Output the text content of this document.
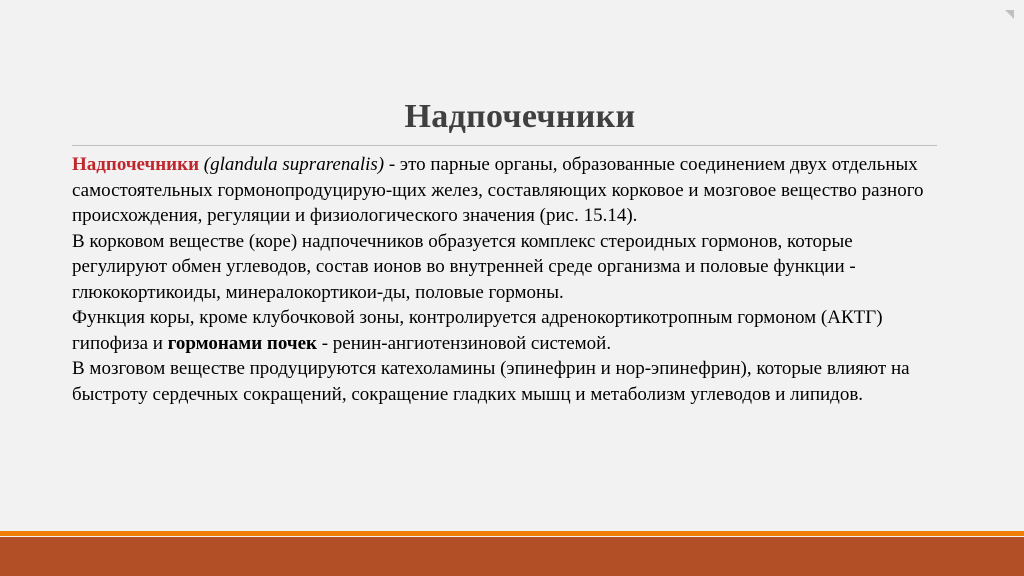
Надпочечники

Надпочечники (glandula suprarenalis) - это парные органы, образованные соединением двух отдельных самостоятельных гормонопродуцирую-щих желез, составляющих корковое и мозговое вещество разного происхождения, регуляции и физиологического значения (рис. 15.14).

В корковом веществе (коре) надпочечников образуется комплекс стероидных гормонов, которые регулируют обмен углеводов, состав ионов во внутренней среде организма и половые функции - глюкокортикоиды, минералокортикои-ды, половые гормоны.

Функция коры, кроме клубочковой зоны, контролируется адренокортикотропным гормоном (АКТГ) гипофиза и гормонами почек - ренин-ангиотензиновой системой.

В мозговом веществе продуцируются катехоламины (эпинефрин и нор-эпинефрин), которые влияют на быстроту сердечных сокращений, сокращение гладких мышц и метаболизм углеводов и липидов.
